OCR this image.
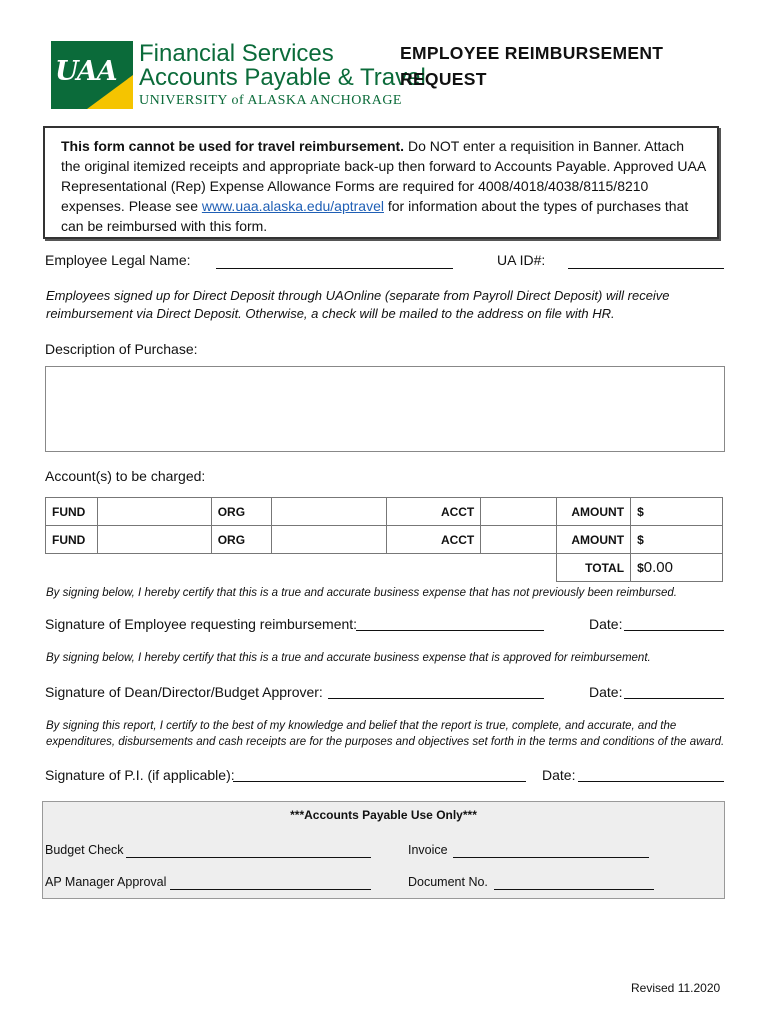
UAA
Financial Services
Accounts Payable & Travel
UNIVERSITY of ALASKA ANCHORAGE
EMPLOYEE REIMBURSEMENT
REQUEST
This form cannot be used for travel reimbursement. Do NOT enter a requisition in Banner. Attach the original itemized receipts and appropriate back-up then forward to Accounts Payable. Approved UAA Representational (Rep) Expense Allowance Forms are required for 4008/4018/4038/8115/8210 expenses. Please see www.uaa.alaska.edu/aptravel for information about the types of purchases that can be reimbursed with this form.
Employee Legal Name:	UA ID#:
Employees signed up for Direct Deposit through UAOnline (separate from Payroll Direct Deposit) will receive reimbursement via Direct Deposit. Otherwise, a check will be mailed to the address on file with HR.
Description of Purchase:
Account(s) to be charged:
FUND		ORG		ACCT		AMOUNT	$
FUND		ORG		ACCT		AMOUNT	$
						TOTAL	$0.00
By signing below, I hereby certify that this is a true and accurate business expense that has not previously been reimbursed.
Signature of Employee requesting reimbursement:	Date:
By signing below, I hereby certify that this is a true and accurate business expense that is approved for reimbursement.
Signature of Dean/Director/Budget Approver:	Date:
By signing this report, I certify to the best of my knowledge and belief that the report is true, complete, and accurate, and the expenditures, disbursements and cash receipts are for the purposes and objectives set forth in the terms and conditions of the award.
Signature of P.I. (if applicable):	Date:
***Accounts Payable Use Only***
Budget Check	Invoice
AP Manager Approval	Document No.
Revised 11.2020
